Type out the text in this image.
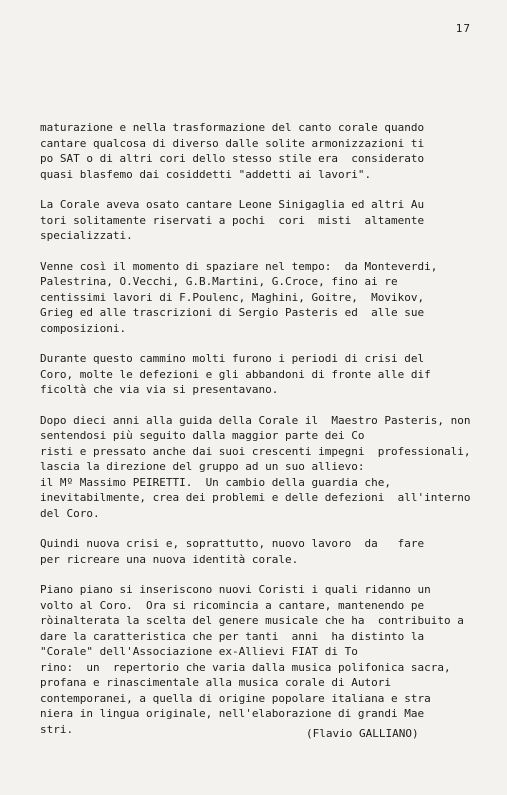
17

maturazione e nella trasformazione del canto corale quando
cantare qualcosa di diverso dalle solite armonizzazioni ti
po SAT o di altri cori dello stesso stile era  considerato
quasi blasfemo dai cosiddetti "addetti ai lavori".

La Corale aveva osato cantare Leone Sinigaglia ed altri Au
tori solitamente riservati a pochi  cori  misti  altamente
specializzati.

Venne così il momento di spaziare nel tempo:  da Monteverdi, Palestrina, O.Vecchi, G.B.Martini, G.Croce, fino ai re
centissimi lavori di F.Poulenc, Maghini, Goitre,  Movikov,
Grieg ed alle trascrizioni di Sergio Pasteris ed  alle sue
composizioni.

Durante questo cammino molti furono i periodi di crisi del
Coro, molte le defezioni e gli abbandoni di fronte alle dif
ficoltà che via via si presentavano.

Dopo dieci anni alla guida della Corale il  Maestro Pasteris, non sentendosi più seguito dalla maggior parte dei Co
risti e pressato anche dai suoi crescenti impegni  professionali, lascia la direzione del gruppo ad un suo allievo:
il Mº Massimo PEIRETTI.  Un cambio della guardia che, inevitabilmente, crea dei problemi e delle defezioni  all'interno del Coro.

Quindi nuova crisi e, soprattutto, nuovo lavoro  da   fare
per ricreare una nuova identità corale.

Piano piano si inseriscono nuovi Coristi i quali ridanno un
volto al Coro.  Ora si ricomincia a cantare, mantenendo pe
ròinalterata la scelta del genere musicale che ha  contribuito a dare la caratteristica che per tanti  anni  ha distinto la "Corale" dell'Associazione ex-Allievi FIAT di To
rino:  un  repertorio che varia dalla musica polifonica sacra, profana e rinascimentale alla musica corale di Autori
contemporanei, a quella di origine popolare italiana e stra
niera in lingua originale, nell'elaborazione di grandi Mae
stri.	(Flavio GALLIANO)
